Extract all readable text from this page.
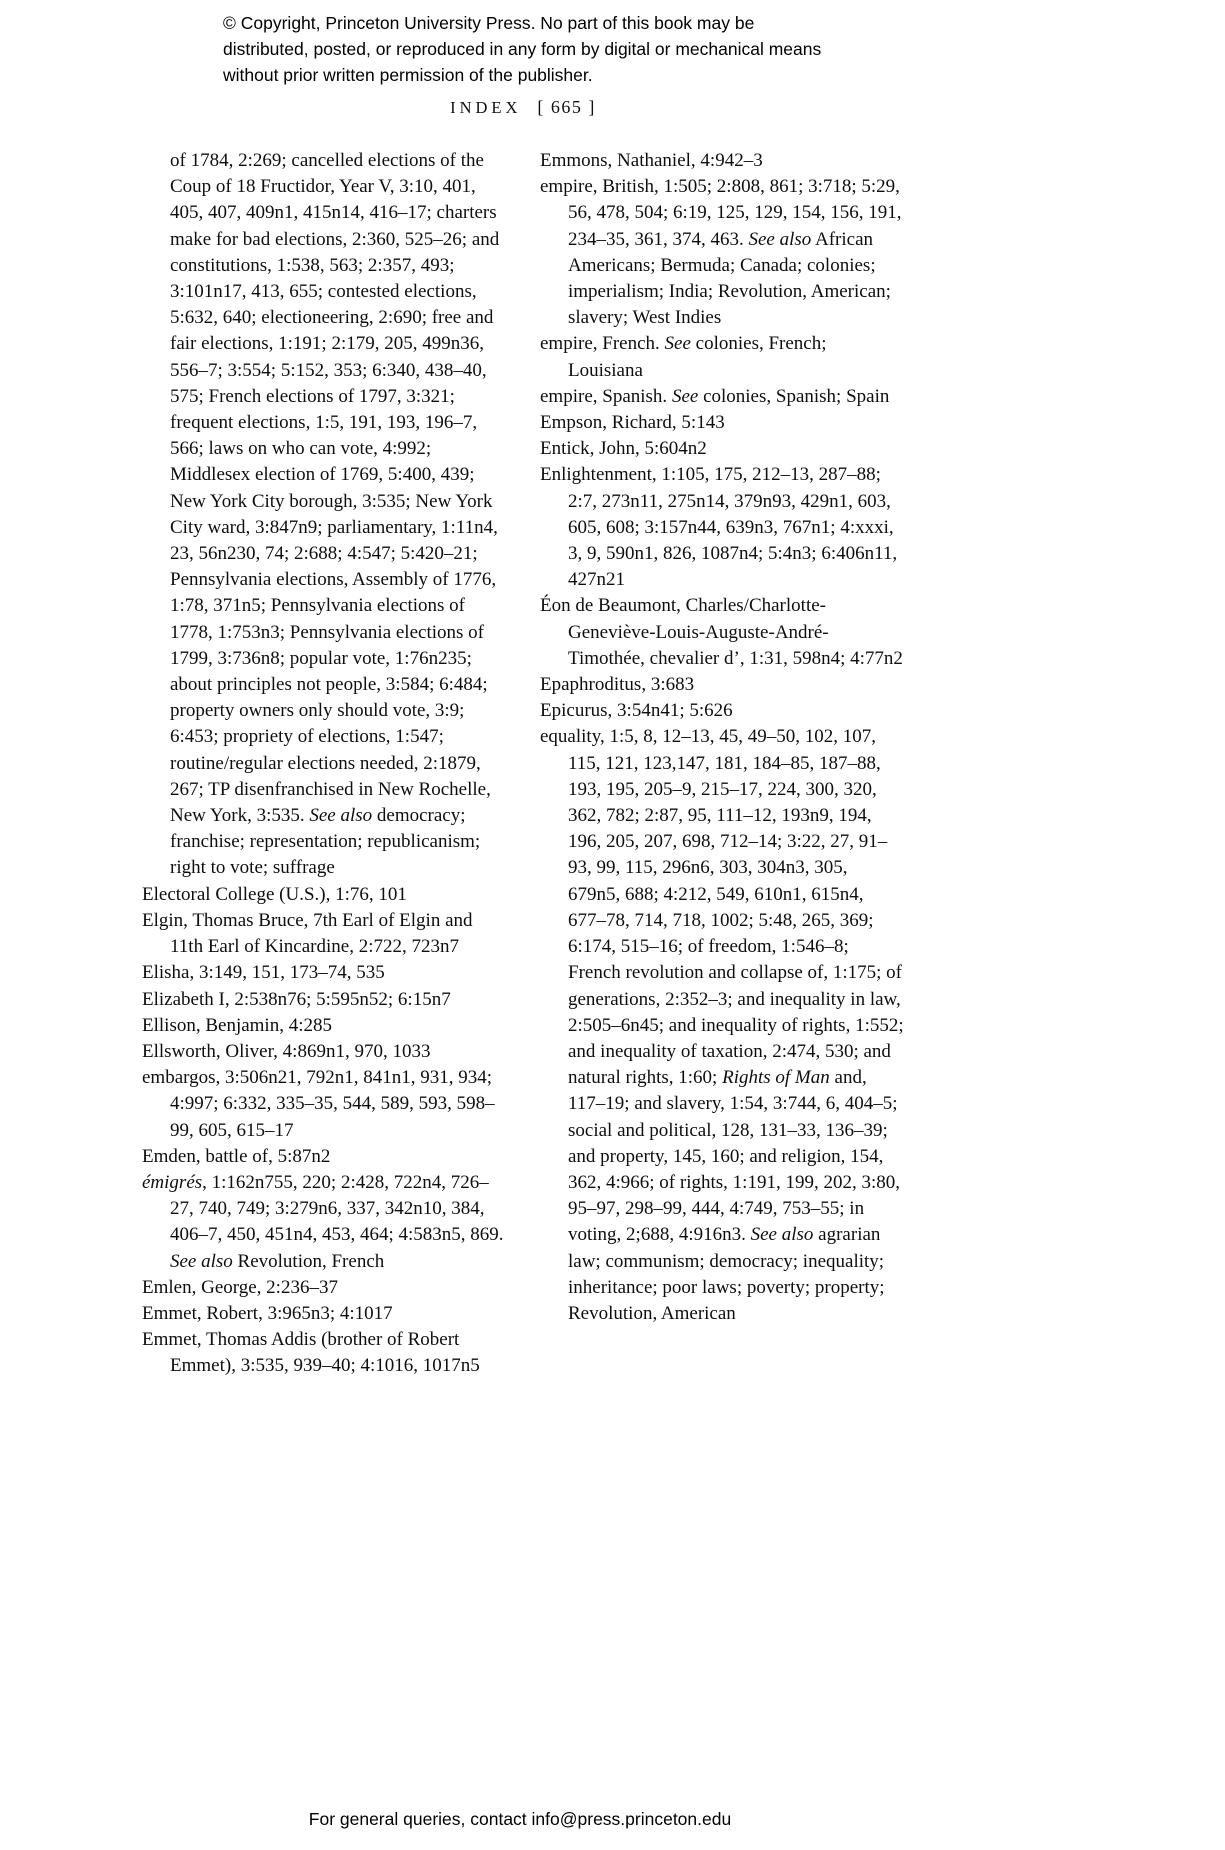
© Copyright, Princeton University Press. No part of this book may be distributed, posted, or reproduced in any form by digital or mechanical means without prior written permission of the publisher.
INDEX [ 665 ]

of 1784, 2:269; cancelled elections of the Coup of 18 Fructidor, Year V, 3:10, 401, 405, 407, 409n1, 415n14, 416–17; charters make for bad elections, 2:360, 525–26; and constitutions, 1:538, 563; 2:357, 493; 3:101n17, 413, 655; contested elections, 5:632, 640; electioneering, 2:690; free and fair elections, 1:191; 2:179, 205, 499n36, 556–7; 3:554; 5:152, 353; 6:340, 438–40, 575; French elections of 1797, 3:321; frequent elections, 1:5, 191, 193, 196–7, 566; laws on who can vote, 4:992; Middlesex election of 1769, 5:400, 439; New York City borough, 3:535; New York City ward, 3:847n9; parliamentary, 1:11n4, 23, 56n230, 74; 2:688; 4:547; 5:420–21; Pennsylvania elections, Assembly of 1776, 1:78, 371n5; Pennsylvania elections of 1778, 1:753n3; Pennsylvania elections of 1799, 3:736n8; popular vote, 1:76n235; about principles not people, 3:584; 6:484; property owners only should vote, 3:9; 6:453; propriety of elections, 1:547; routine/regular elections needed, 2:1879, 267; TP disenfranchised in New Rochelle, New York, 3:535. See also democracy; franchise; representation; republicanism; right to vote; suffrage

Electoral College (U.S.), 1:76, 101

Elgin, Thomas Bruce, 7th Earl of Elgin and 11th Earl of Kincardine, 2:722, 723n7

Elisha, 3:149, 151, 173–74, 535

Elizabeth I, 2:538n76; 5:595n52; 6:15n7

Ellison, Benjamin, 4:285

Ellsworth, Oliver, 4:869n1, 970, 1033

embargos, 3:506n21, 792n1, 841n1, 931, 934; 4:997; 6:332, 335–35, 544, 589, 593, 598–99, 605, 615–17

Emden, battle of, 5:87n2

émigrés, 1:162n755, 220; 2:428, 722n4, 726–27, 740, 749; 3:279n6, 337, 342n10, 384, 406–7, 450, 451n4, 453, 464; 4:583n5, 869. See also Revolution, French

Emlen, George, 2:236–37

Emmet, Robert, 3:965n3; 4:1017

Emmet, Thomas Addis (brother of Robert Emmet), 3:535, 939–40; 4:1016, 1017n5

Emmons, Nathaniel, 4:942–3

empire, British, 1:505; 2:808, 861; 3:718; 5:29, 56, 478, 504; 6:19, 125, 129, 154, 156, 191, 234–35, 361, 374, 463. See also African Americans; Bermuda; Canada; colonies; imperialism; India; Revolution, American; slavery; West Indies

empire, French. See colonies, French; Louisiana

empire, Spanish. See colonies, Spanish; Spain

Empson, Richard, 5:143

Entick, John, 5:604n2

Enlightenment, 1:105, 175, 212–13, 287–88; 2:7, 273n11, 275n14, 379n93, 429n1, 603, 605, 608; 3:157n44, 639n3, 767n1; 4:xxxi, 3, 9, 590n1, 826, 1087n4; 5:4n3; 6:406n11, 427n21

Éon de Beaumont, Charles/Charlotte-Geneviève-Louis-Auguste-André-Timothée, chevalier d’, 1:31, 598n4; 4:77n2

Epaphroditus, 3:683

Epicurus, 3:54n41; 5:626

equality, 1:5, 8, 12–13, 45, 49–50, 102, 107, 115, 121, 123,147, 181, 184–85, 187–88, 193, 195, 205–9, 215–17, 224, 300, 320, 362, 782; 2:87, 95, 111–12, 193n9, 194, 196, 205, 207, 698, 712–14; 3:22, 27, 91–93, 99, 115, 296n6, 303, 304n3, 305, 679n5, 688; 4:212, 549, 610n1, 615n4, 677–78, 714, 718, 1002; 5:48, 265, 369; 6:174, 515–16; of freedom, 1:546–8; French revolution and collapse of, 1:175; of generations, 2:352–3; and inequality in law, 2:505–6n45; and inequality of rights, 1:552; and inequality of taxation, 2:474, 530; and natural rights, 1:60; Rights of Man and, 117–19; and slavery, 1:54, 3:744, 6, 404–5; social and political, 128, 131–33, 136–39; and property, 145, 160; and religion, 154, 362, 4:966; of rights, 1:191, 199, 202, 3:80, 95–97, 298–99, 444, 4:749, 753–55; in voting, 2;688, 4:916n3. See also agrarian law; communism; democracy; inequality; inheritance; poor laws; poverty; property; Revolution, American

For general queries, contact info@press.princeton.edu
